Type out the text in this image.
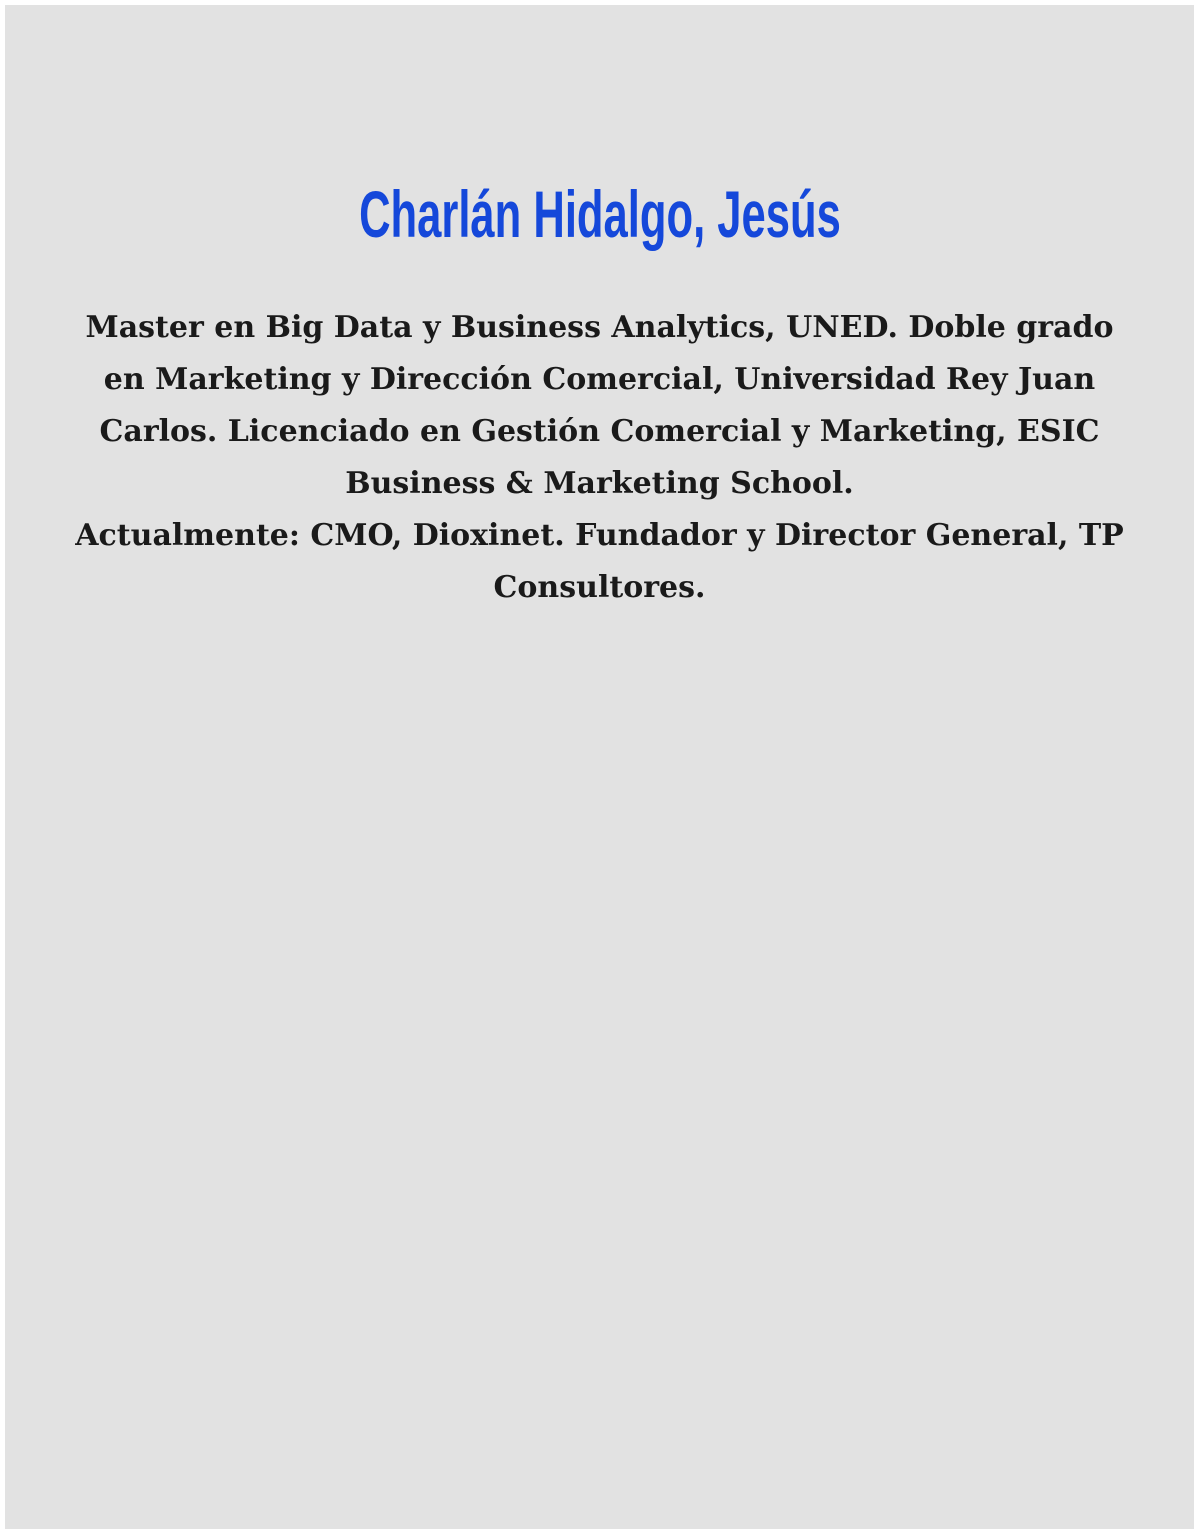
Charlán Hidalgo, Jesús
Master en Big Data y Business Analytics, UNED. Doble grado
en Marketing y Dirección Comercial, Universidad Rey Juan
Carlos. Licenciado en Gestión Comercial y Marketing, ESIC
Business & Marketing School.
Actualmente: CMO, Dioxinet. Fundador y Director General, TP
Consultores.
